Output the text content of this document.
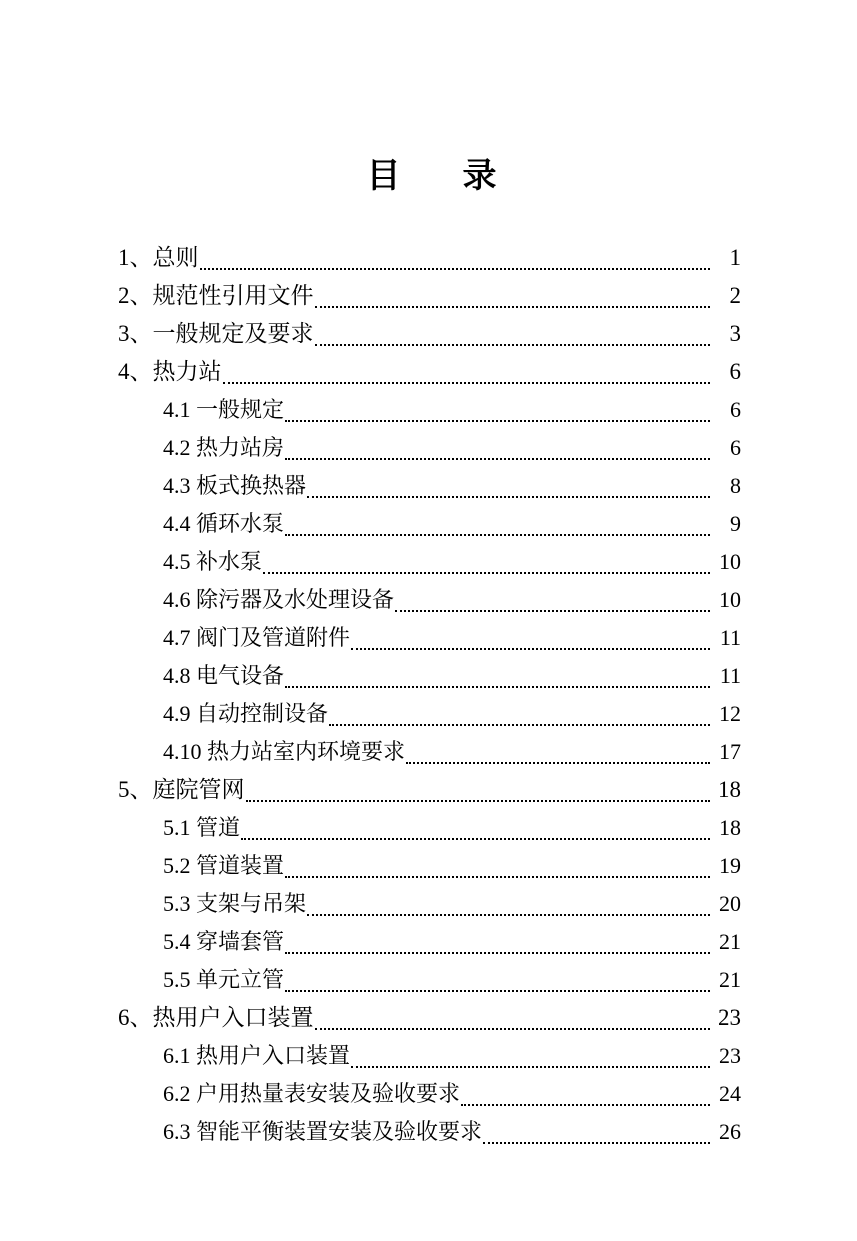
目　录
1、总则	1
2、规范性引用文件	2
3、一般规定及要求	3
4、热力站	6
4.1 一般规定	6
4.2 热力站房	6
4.3 板式换热器	8
4.4 循环水泵	9
4.5 补水泵	10
4.6 除污器及水处理设备	10
4.7 阀门及管道附件	11
4.8 电气设备	11
4.9 自动控制设备	12
4.10 热力站室内环境要求	17
5、庭院管网	18
5.1 管道	18
5.2 管道装置	19
5.3 支架与吊架	20
5.4 穿墙套管	21
5.5 单元立管	21
6、热用户入口装置	23
6.1 热用户入口装置	23
6.2 户用热量表安装及验收要求	24
6.3 智能平衡装置安装及验收要求	26
